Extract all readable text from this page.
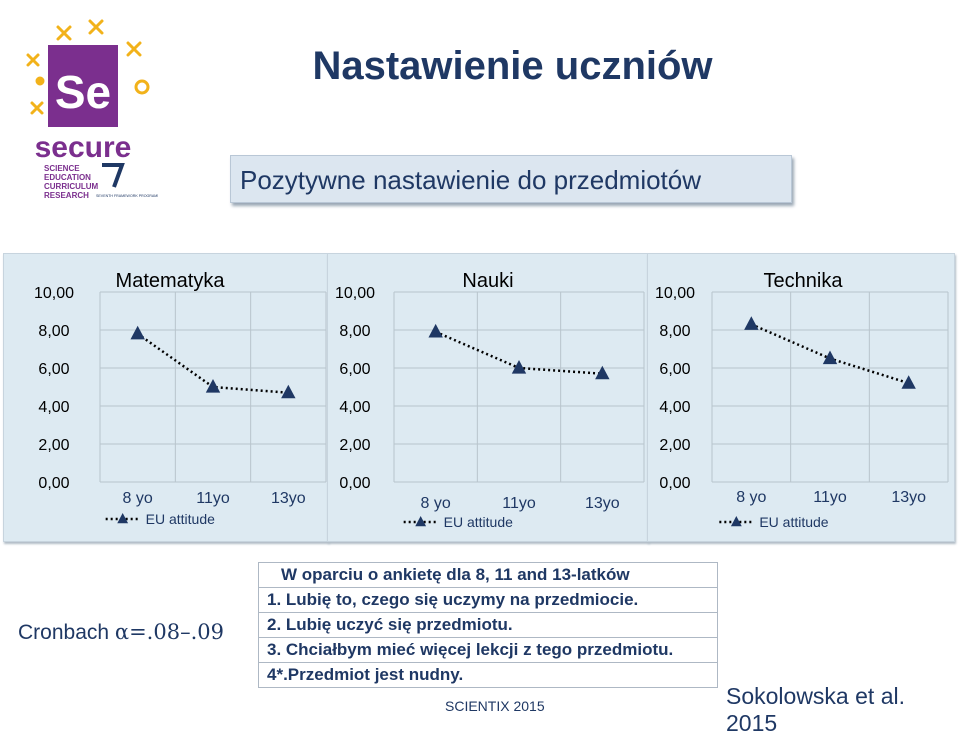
Se
secure
SCIENCE
EDUCATION
CURRICULUM
RESEARCH SEVENTH FRAMEWORK PROGRAMME
Nastawienie uczniów
Pozytywne nastawienie do przedmiotów
10,00
8,00
6,00
4,00
2,00
0,00
Matematyka
8 yo	11yo	13yo
EU attitude
10,00
8,00
6,00
4,00
2,00
0,00
Nauki
8 yo	11yo	13yo
EU attitude
10,00
8,00
6,00
4,00
2,00
0,00
Technika
8 yo	11yo	13yo
EU attitude
Cronbach α=.08–.09
W oparciu o ankietę dla 8, 11 and 13-latków
1. Lubię to, czego się uczymy na przedmiocie.
2. Lubię uczyć się przedmiotu.
3. Chciałbym mieć więcej lekcji z tego przedmiotu.
4*.Przedmiot jest nudny.
SCIENTIX 2015	Sokolowska et al. 2015
